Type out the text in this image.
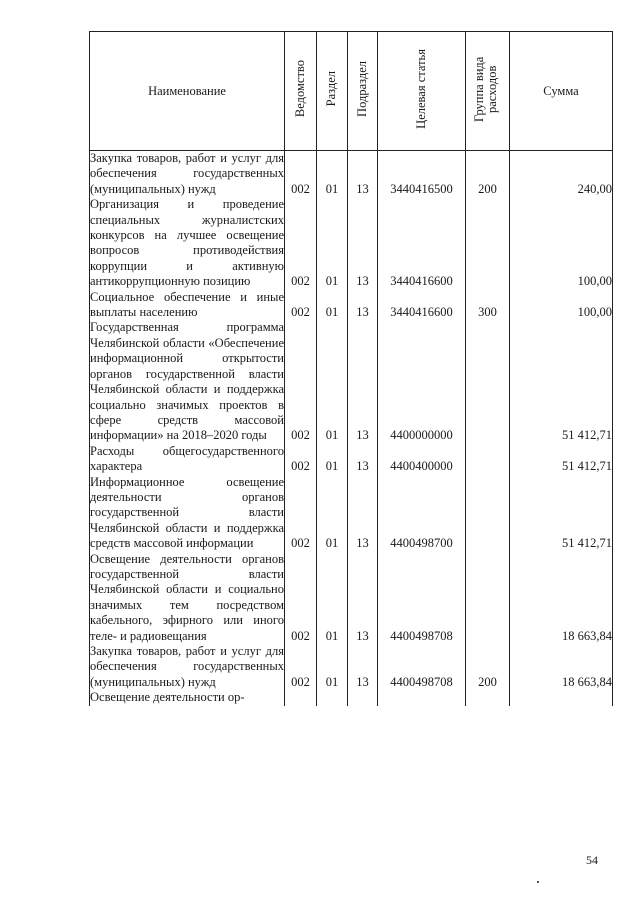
Наименование	Ведомство	Раздел	Подраздел	Целевая статья	Группа вида расходов	Сумма
Закупка товаров, работ и услуг для обеспечения государственных (муниципальных) нужд	002	01	13	3440416500	200	240,00
Организация и проведение специальных журналистских конкурсов на лучшее освещение вопросов противодействия коррупции и активную антикоррупционную позицию	002	01	13	3440416600		100,00
Социальное обеспечение и иные выплаты населению	002	01	13	3440416600	300	100,00
Государственная программа Челябинской области «Обеспечение информационной открытости органов государственной власти Челябинской области и поддержка социально значимых проектов в сфере средств массовой информации» на 2018–2020 годы	002	01	13	4400000000		51 412,71
Расходы общегосударственного характера	002	01	13	4400400000		51 412,71
Информационное освещение деятельности органов государственной власти Челябинской области и поддержка средств массовой информации	002	01	13	4400498700		51 412,71
Освещение деятельности органов государственной власти Челябинской области и социально значимых тем посредством кабельного, эфирного или иного теле- и радиовещания	002	01	13	4400498708		18 663,84
Закупка товаров, работ и услуг для обеспечения государственных (муниципальных) нужд	002	01	13	4400498708	200	18 663,84
Освещение деятельности ор-						
54
